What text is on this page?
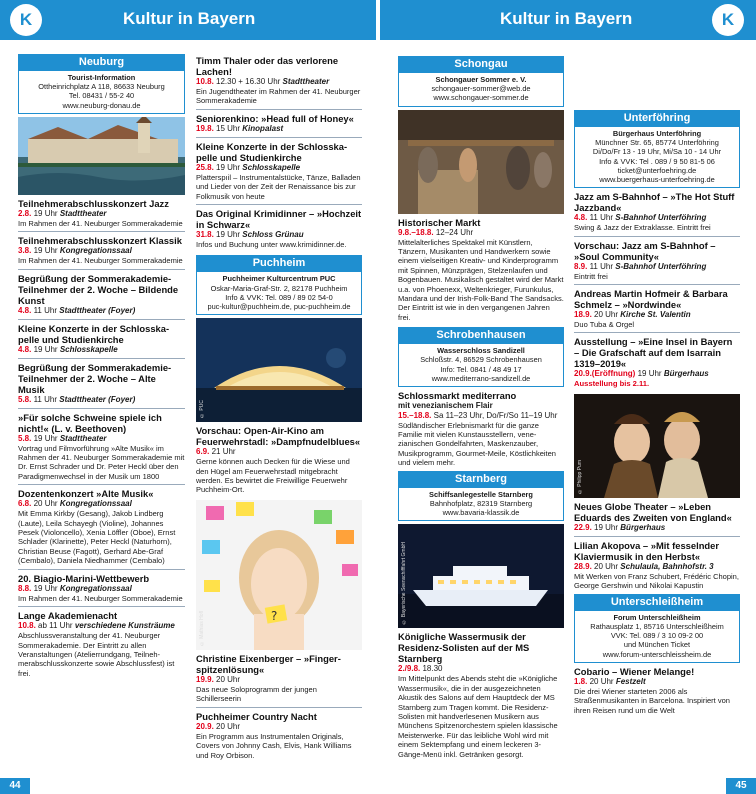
K	Kultur in Bayern	Kultur in Bayern	K
Neuburg
Tourist-Information
Ottheinrichplatz A 118, 86633 Neuburg
Tel. 08431 / 55-2 40
www.neuburg-donau.de
Teilnehmerabschlusskonzert Jazz
2.8. 19 Uhr Stadttheater
Im Rahmen der 41. Neuburger Sommerakademie
Teilnehmerabschlusskonzert Klassik
3.8. 19 Uhr Kongregationssaal
Im Rahmen der 41. Neuburger Sommerakademie
Begrüßung der Sommerakademie-Teilnehmer der 2. Woche – Bildende Kunst
4.8. 11 Uhr Stadttheater (Foyer)
Kleine Konzerte in der Schlosskapelle und Studienkirche
4.8. 19 Uhr Schlosskapelle
Begrüßung der Sommerakademie-Teilnehmer der 2. Woche – Alte Musik
5.8. 11 Uhr Stadttheater (Foyer)
»Für solche Schweine spiele ich nicht!« (L. v. Beethoven)
5.8. 19 Uhr Stadttheater
Vortrag und Filmvorführung »Alte Musik« im Rahmen der 41. Neuburger Sommerakademie mit Dr. Ernst Schrader und Dr. Peter Heckl über den Paradigmenwechsel in der Musik um 1800
Dozentenkonzert »Alte Musik«
6.8. 20 Uhr Kongregationssaal
Mit Emma Kirkby (Gesang), Jakob Lindberg (Laute), Leila Schayegh (Violine), Johannes Pesek (Violoncello), Xenia Löffler (Oboe), Ernst Schlader (Klarinette), Peter Heckl (Naturhorn), Christian Beuse (Fagott), Gerhard Abe-Graf (Cembalo), Daniela Niedhammer (Cembalo)
20. Biagio-Marini-Wettbewerb
8.8. 19 Uhr Kongregationssaal
Im Rahmen der 41. Neuburger Sommerakademie
Lange Akademienacht
10.8. ab 11 Uhr verschiedene Kunsträume
Abschlussveranstaltung der 41. Neuburger Sommerakademie. Der Eintritt zu allen Veranstaltungen (Atelierrundgang, Teilnehmerabschlusskonzerte sowie Abschlussfest) ist frei.
Timm Thaler oder das verlorene Lachen!
10.8. 12.30 + 16.30 Uhr Stadttheater
Ein Jugendtheater im Rahmen der 41. Neuburger Sommerakademie
Seniorenkino: »Head full of Honey«
19.8. 15 Uhr Kinopalast
Kleine Konzerte in der Schlosskapelle und Studienkirche
25.8. 19 Uhr Schlosskapelle
Platterspıil – Instrumentalstücke, Tänze, Balladen und Lieder von der Zeit der Renaissance bis zur Folkmusik von heute
Das Original Krimidinner – »Hochzeit in Schwarz«
31.8. 19 Uhr Schloss Grünau
Infos und Buchung unter www.krimidinner.de.
Puchheim
Puchheimer Kulturcentrum PUC
Oskar-Maria-Graf-Str. 2, 82178 Puchheim
Info & VVK: Tel. 089 / 89 02 54-0
puc-kultur@puchheim.de, puc-puchheim.de
© PUC
Vorschau: Open-Air-Kino am Feuerwehrstadl: »Dampfnudelblues«
6.9. 21 Uhr
Gerne können auch Decken für die Wiese und den Hügel am Feuerwehrstadl mitgebracht werden. Es bewirtet die Freiwillige Feuerwehr Puchheim-Ort.
?
© Mathias Hofl
Christine Eixenberger – »Fingerspitzenlösung«
19.9. 20 Uhr
Das neue Soloprogramm der jungen Schillerseerin
Puchheimer Country Nacht
20.9. 20 Uhr
Ein Programm aus Instrumentalen Originals, Covers von Johnny Cash, Elvis, Hank Williams und Roy Orbison.
Schongau
Schongauer Sommer e. V.
schongauer-sommer@web.de
www.schongauer-sommer.de
Historischer Markt
9.8.–18.8. 12–24 Uhr
Mittelalterliches Spektakel mit Künstlern, Tänzern, Musikanten und Handwerkern sowie einem vielseitigen Kreativ- und Kinderprogramm mit Spinnen, Münzprägen, Stelzenlaufen und Bogenbauen. Musikalisch gestaltet wird der Markt u.a. von Phoenexx, Weltenkrieger, Furunkulus, Mandara und der Irish-Folk-Band The Sandsacks. Der Eintritt ist wie in den vergangenen Jahren frei.
Schrobenhausen
Wasserschloss Sandizell
Schloßstr. 4, 86529 Schrobenhausen
Info: Tel. 0841 / 48 49 17
www.mediterrano-sandizell.de
Schlossmarkt mediterrano
mit venezianischem Flair
15.–18.8. Sa 11–23 Uhr, Do/Fr/So 11–19 Uhr
Südländischer Erlebnismarkt für die ganze Familie mit vielen Kunstausstellern, venezianischen Gondelfahrten, Maskenzauber, Musikprogramm, Gourmet-Meile, Köstlichkeiten und vielem mehr.
Starnberg
Schiffsanlegestelle Starnberg
Bahnhofplatz, 82319 Starnberg
www.bavaria-klassik.de
© Bayerische Seenschifffahrt GmbH
Königliche Wassermusik der Residenz-Solisten auf der MS Starnberg
2./9.8. 18.30
Im Mittelpunkt des Abends steht die »Königliche Wassermusik«, die in der ausgezeichneten Akustik des Salons auf dem Hauptdeck der MS Starnberg zum Tragen kommt. Die Residenz-Solisten mit handverlesenen Musikern aus Münchens Spitzenorchestern spielen klassische Meisterwerke. Für das leibliche Wohl wird mit einem Sektempfang und einem leckeren 3-Gänge-Menü inkl. Getränken gesorgt.
Unterföhring
Bürgerhaus Unterföhring
Münchner Str. 65, 85774 Unterföhring
Di/Do/Fr 13 - 19 Uhr, Mi/Sa 10 - 14 Uhr
Info & VVK: Tel . 089 / 9 50 81-5 06
ticket@unterfoehring.de
www.buergerhaus-unterfoehring.de
Jazz am S-Bahnhof – »The Hot Stuff Jazzband«
4.8. 11 Uhr S-Bahnhof Unterföhring
Swing & Jazz der Extraklasse. Eintritt frei
Vorschau: Jazz am S-Bahnhof – »Soul Community«
8.9. 11 Uhr S-Bahnhof Unterföhring
Eintritt frei
Andreas Martin Hofmeir & Barbara Schmelz – »Nordwinde«
18.9. 20 Uhr Kirche St. Valentin
Duo Tuba & Orgel
Ausstellung – »Eine Insel in Bayern – Die Grafschaft auf dem Isarrain 1319–2019«
20.9.(Eröffnung) 19 Uhr Bürgerhaus
Ausstellung bis 2.11.
© Philipp Pum
Neues Globe Theater – »Leben Eduards des Zweiten von England«
22.9. 19 Uhr Bürgerhaus
Lilian Akopova – »Mit fesselnder Klaviermusik in den Herbst«
28.9. 20 Uhr Schulaula, Bahnhofstr. 3
Mit Werken von Franz Schubert, Frédéric Chopin, George Gershwin und Nikolai Kapustin
Unterschleißheim
Forum Unterschleißheim
Rathausplatz 1, 85716 Unterschleißheim
VVK: Tel. 089 / 3 10 09-2 00
und München Ticket
www.forum-unterschleissheim.de
Cobario – Wiener Melange!
1.8. 20 Uhr Festzelt
Die drei Wiener starteten 2006 als Straßenmusikanten in Barcelona. Inspiriert von ihren Reisen rund um die Welt
44	45
